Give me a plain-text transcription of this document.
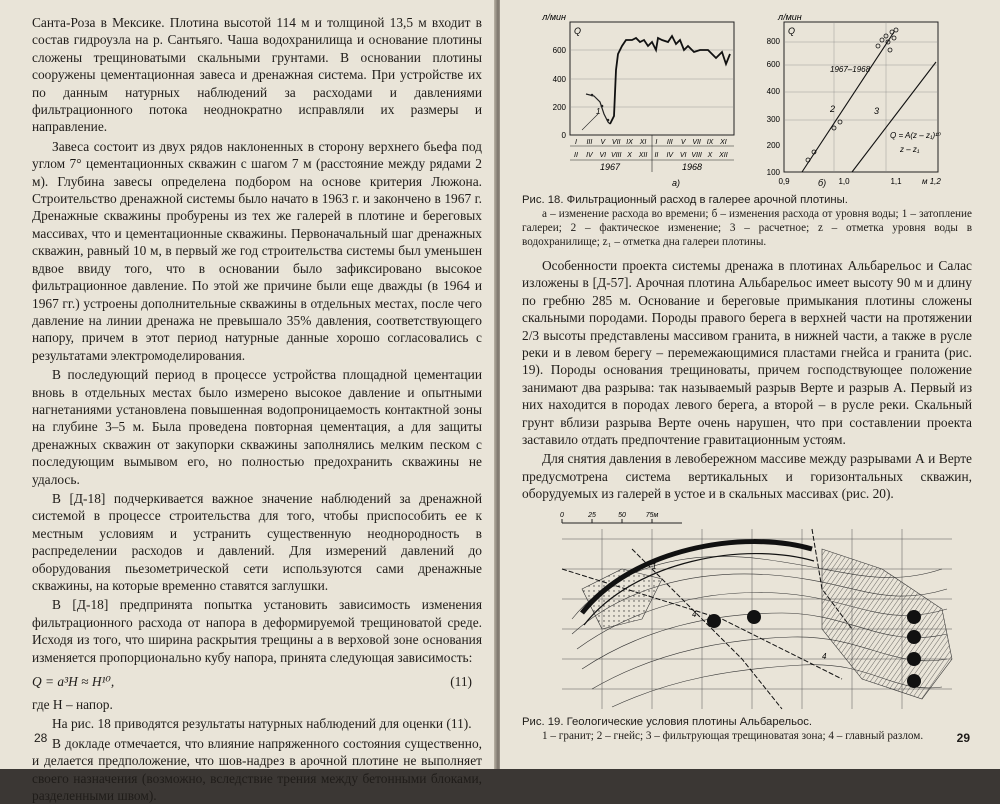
Санта-Роза в Мексике. Плотина высотой 114 м и толщиной 13,5 м входит в состав гидроузла на р. Сантьяго. Чаша водохранилища и основание плотины сложены трещиноватыми скальными грунтами. В основании плотины сооружены цементационная завеса и дренажная система. При устройстве их по данным натурных наблюдений за расходами и давлениями фильтрационного потока неоднократно исправляли их размеры и направление.

Завеса состоит из двух рядов наклоненных в сторону верхнего бьефа под углом 7° цементационных скважин с шагом 7 м (расстояние между рядами 2 м). Глубина завесы определена подбором на основе критерия Люжона. Строительство дренажной системы было начато в 1963 г. и закончено в 1967 г. Дренажные скважины пробурены из тех же галерей в плотине и береговых массивах, что и цементационные скважины. Первоначальный шаг дренажных скважин, равный 10 м, в первый же год строительства системы был уменьшен вдвое ввиду того, что в основании было зафиксировано высокое фильтрационное давление. По этой же причине были еще дважды (в 1964 и 1967 гг.) устроены дополнительные скважины в отдельных местах, после чего давление на линии дренажа не превышало 35% давления, соответствующего напору, причем в этот период натурные данные хорошо согласовались с результатами электромоделирования.

В последующий период в процессе устройства площадной цементации вновь в отдельных местах было измерено высокое давление и опытными нагнетаниями установлена повышенная водопроницаемость контактной зоны на глубине 3–5 м. Была проведена повторная цементация, а для защиты дренажных скважин от закупорки скважины заполнялись мелким песком с последующим вымывом его, но полностью предохранить скважины не удалось.

В [Д-18] подчеркивается важное значение наблюдений за дренажной системой в процессе строительства для того, чтобы приспособить ее к местным условиям и устранить существенную неоднородность в распределении расходов и давлений. Для измерений давлений до оборудования пьезометрической сети используются сами дренажные скважины, на которые временно ставятся заглушки.

В [Д-18] предпринята попытка установить зависимость изменения фильтрационного расхода от напора в деформируемой трещиноватой среде. Исходя из того, что ширина раскрытия трещины a в верховой зоне основания изменяется пропорционально кубу напора, принята следующая зависимость:

Q = a³H ≈ H¹⁰,	(11)

где H – напор.

На рис. 18 приводятся результаты натурных наблюдений для оценки (11).

В докладе отмечается, что влияние напряженного состояния существенно, и делается предположение, что шов-надрез в арочной плотине не выполняет своего назначения (возможно, вследствие трения между бетонными блоками, разделенными швом).

28
л/мин
Q
600
400
200
0
1
I III V VII IX XI I III V VII IX XI
II IV VI VIII X XII II IV VI VIII X XII
1967	1968
а)
л/мин
Q
800
600
400
300
200
100
1967–1968
2	3
Q = A(z – z₁)¹⁰
z – z₁
0,9	1,0	1,1	м 1,2
б)
Рис. 18. Фильтрационный расход в галерее арочной плотины.
а – изменение расхода во времени; б – изменения расхода от уровня воды; 1 – затопление галереи; 2 – фактическое изменение; 3 – расчетное; z – отметка уровня воды в водохранилище; z₁ – отметка дна галереи плотины.

Особенности проекта системы дренажа в плотинах Альбарельос и Салас изложены в [Д-57]. Арочная плотина Альбарельос имеет высоту 90 м и длину по гребню 285 м. Основание и береговые примыкания плотины сложены скальными породами. Породы правого берега в верхней части на протяжении 2/3 высоты представлены массивом гранита, в нижней части, а также в русле реки и в левом берегу – перемежающимися пластами гнейса и гранита (рис. 19). Породы основания трещиноваты, причем господствующее положение занимают два разрыва: так называемый разрыв Верте и разрыв А. Первый из них находится в породах левого берега, а второй – в русле реки. Скальный грунт вблизи разрыва Верте очень нарушен, что при составлении проекта заставило отдать предпочтение гравитационным устоям.

Для снятия давления в левобережном массиве между разрывами А и Верте предусмотрена система вертикальных и горизонтальных скважин, оборудуемых из галерей в устое и в скальных массивах (рис. 20).

0	25	50	75м
4
1
4
Рис. 19. Геологические условия плотины Альбарельос.
1 – гранит; 2 – гнейс; 3 – фильтрующая трещиноватая зона; 4 – главный разлом.	29
